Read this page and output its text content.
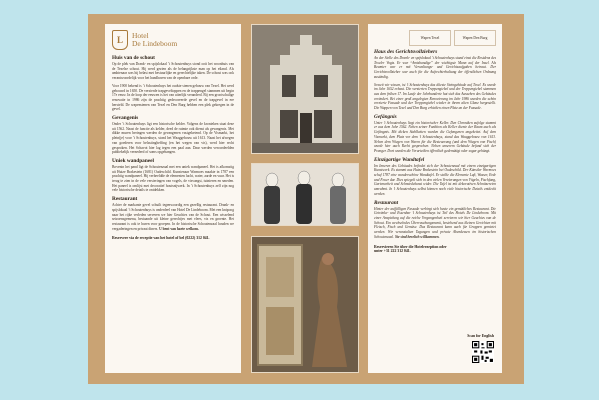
L	Hotel
De Lindeboom
Huis van de schout

Op de plek van Drank- en spijslokaal ’t Schoutenhuys stond ooit het woonhuis van de Texelse schout. Hij werd gezien als de belangrijkste man op het eiland. Als ambtenaar was hij belast met bestuurlijke en gerechtelijke taken. De schout was ook verantwoordelijk voor het handhaven van de openbare orde.

Voor 1900 bekend is ’t Schoutenhuys het oudste stenen gebouw van Texel. Het werd gebouwd in 1650. De versierde trapgeveltoppen en de trappengel stammen uit begin 17e eeuw. In de loop der eeuwen is het van uiterlijk veranderd. Bij een grootschalige renovatie in 1986 zijn de prachtig gedecoreerde gevel en de trapgevel in ere hersteld. De wapenstenen van Texel en Den Burg hebben een plek gekregen in de gevel.

Gevangenis

Onder ’t Schoutenhuys ligt een historische kelder. Volgens de kronieken staat deze uit 1562. Naast de functie als kelder, deed de ruimte ook dienst als gevangenis. Met dikke muren beringen werden de gevangenen vastgeketend. Op de Vismarkt, het plein(je) voor ’t Schoutenhuys, stond het Waaggebouw uit 1613. Naast het afwegen van goederen voor belastingheffing (en het wegen van vis), werd hier recht gesproken. Het Schavot hier lag tegen een paal aan. Daar werden veroordeelden publiekelijk vernederd of soms opgehangen.

Uniek wandpaneel

Bovenin het pand ligt de Schoutenzaal met een uniek wandpaneel. Het is afkomstig uit Huize Brakestein (1681) Oudeschild. Kunstenaar Warmoes maakte in 1787 een prachtig wandpaneel. Hij verbeeldde de elementen lucht, water, aarde en vuur. Het is terug te zien in de vele versieringen van vogels, de visvangst, tuinieren en smeden. Het paneel is omlijst met decoratief houtsnijwerk. In ’t Schoutenhuys zelf zijn nog vele historische details te ontdekken.

Restaurant

Achter de markante gevel schuilt tegenwoordig een gezellig restaurant. Drank- en spijslokaal ’t Schoutenhuys is onderdeel van Hotel De Lindeboom. Met een knipoog naar het rijke verleden serveren we hier Geuchies van de Schout. Een wisselend seizoensgemenu, bestaande uit kleine gerechtjes met vlees, vis en groente. Het restaurant is ook te huren voor groepen. In de historische Schoutenzaal houden we vergaderingen en privaat diners. U bent van harte welkom.

Reserveer via de receptie van het hotel of bel (0222) 312 041.
Wapen Texel	Wapen Den Burg
Haus des Gerichtsvollziehers

An der Stelle des Drank- en spijslokaal ’t Schoutenhuys stand einst die Residenz des Texeler Vogts. Er war “Amtshandige” der wichtigste Mann auf der Insel. Als Beamter war er mit Verwaltungs- und Gerichtsaufgaben betraut. Der Gerichtsvollzieher war auch für die Aufrechterhaltung der öffentlichen Ordnung zuständig.

Soweit wir wissen, ist ’t Schoutenhuys das älteste Steingebäude auf Texel. Es wurde im Jahr 1652 erbaut. Die verzierten Treppengiebel und der Treppengiebel stammen aus dem frühen 17. Im Laufe der Jahrhunderte hat sich das Aussehen des Gebäudes verändert. Bei einer groß angelegten Renovierung im Jahr 1986 wurden die schön verzierte Fassade und der Treppengiebel wieder in ihrem alten Glanz hergestellt. Die Wappen von Texel und Den Burg erhielten einen Platz an der Fassade.

Gefängnis

Unter ’t Schoutenhuys liegt ein historischer Keller. Den Chroniken zufolge stammt er aus dem Jahr 1562. Neben seiner Funktion als Keller diente der Raum auch als Gefängnis. Mit dicken Stahlketten wurden die Gefangenen angekettet. Auf dem Vismarkt, dem Platz vor dem ’t Schoutenhuys, stand das Waaggebouw von 1613. Neben dem Wiegen von Waren für die Besteuerung (und dem Wiegen von Fisch) wurde hier auch Recht gesprochen. Neben unserem Gebäude befand sich der Pranger. Dort wurden die Verurteilten öffentlich gedemütigt oder sogar gehängt.

Einzigartige Wandtafel

Im Inneren des Gebäudes befindet sich der Schoutenzaal mit einem einzigartigen Kunstwerk. Es stammt aus Huize Brakestein bei Oudeschild. Der Künstler Warmoes schuf 1787 eine wunderschöne Wandtafel. Er stellte die Elemente Luft, Wasser, Erde und Feuer dar. Dies spiegelt sich in den vielen Verzierungen von Vögeln, Fischfang, Gartenarbeit und Schmiedekunst wider. Die Tafel ist mit dekorativen Schnitzereien umrahmt. In ’t Schoutenhuys selbst können noch viele historische Details entdeckt werden.

Restaurant

Hinter der auffälligen Fassade verbirgt sich heute ein gemütliches Restaurant. Die Getränke- und Essenbar ’t Schoutenhuys ist Teil des Hotels De Lindeboom. Mit einer Anspielung auf die reiche Vergangenheit servieren wir hier Geuchies van de Schout. Ein wechselndes Überraschungsmenü, bestehend aus kleinen Gerichten mit Fleisch, Fisch und Gemüse. Das Restaurant kann auch für Gruppen gemietet werden. Wir veranstalten Tagungen und private Abendessen im historischen Schoutenzaal. Sie sind herzlich willkommen.

Reservieren Sie über die Hotelrezeption oder unter +31 222 312 041.
Scan for English
